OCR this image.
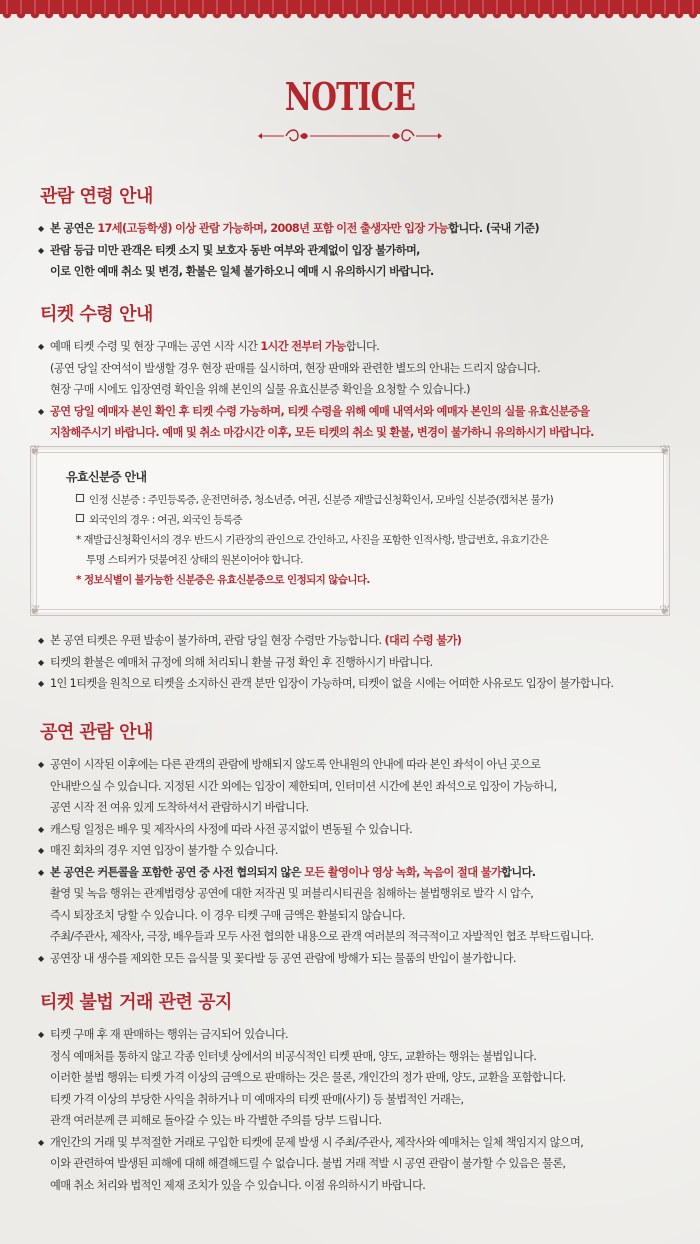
NOTICE
관람 연령 안내
◆ 본 공연은 17세(고등학생) 이상 관람 가능하며, 2008년 포함 이전 출생자만 입장 가능합니다. (국내 기준)
◆ 관람 등급 미만 관객은 티켓 소지 및 보호자 동반 여부와 관계없이 입장 불가하며,
이로 인한 예매 취소 및 변경, 환불은 일체 불가하오니 예매 시 유의하시기 바랍니다.
티켓 수령 안내
◆ 예매 티켓 수령 및 현장 구매는 공연 시작 시간 1시간 전부터 가능합니다.
(공연 당일 잔여석이 발생할 경우 현장 판매를 실시하며, 현장 판매와 관련한 별도의 안내는 드리지 않습니다.
현장 구매 시에도 입장연령 확인을 위해 본인의 실물 유효신분증 확인을 요청할 수 있습니다.)
◆ 공연 당일 예매자 본인 확인 후 티켓 수령 가능하며, 티켓 수령을 위해 예매 내역서와 예매자 본인의 실물 유효신분증을
지참해주시기 바랍니다. 예매 및 취소 마감시간 이후, 모든 티켓의 취소 및 환불, 변경이 불가하니 유의하시기 바랍니다.
❦	❦
❦	❦
유효신분증 안내
인정 신분증 : 주민등록증, 운전면허증, 청소년증, 여권, 신분증 재발급신청확인서, 모바일 신분증(캡처본 불가)
외국인의 경우 : 여권, 외국인 등록증
* 재발급신청확인서의 경우 반드시 기관장의 관인으로 간인하고, 사진을 포함한 인적사항, 발급번호, 유효기간은
투명 스티커가 덧붙여진 상태의 원본이어야 합니다.
* 정보식별이 불가능한 신분증은 유효신분증으로 인정되지 않습니다.
◆ 본 공연 티켓은 우편 발송이 불가하며, 관람 당일 현장 수령만 가능합니다. (대리 수령 불가)
◆ 티켓의 환불은 예매처 규정에 의해 처리되니 환불 규정 확인 후 진행하시기 바랍니다.
◆ 1인 1티켓을 원칙으로 티켓을 소지하신 관객 분만 입장이 가능하며, 티켓이 없을 시에는 어떠한 사유로도 입장이 불가합니다.
공연 관람 안내
◆ 공연이 시작된 이후에는 다른 관객의 관람에 방해되지 않도록 안내원의 안내에 따라 본인 좌석이 아닌 곳으로
안내받으실 수 있습니다. 지정된 시간 외에는 입장이 제한되며, 인터미션 시간에 본인 좌석으로 입장이 가능하니,
공연 시작 전 여유 있게 도착하셔서 관람하시기 바랍니다.
◆ 캐스팅 일정은 배우 및 제작사의 사정에 따라 사전 공지없이 변동될 수 있습니다.
◆ 매진 회차의 경우 지연 입장이 불가할 수 있습니다.
◆ 본 공연은 커튼콜을 포함한 공연 중 사전 협의되지 않은 모든 촬영이나 영상 녹화, 녹음이 절대 불가합니다.
촬영 및 녹음 행위는 관계법령상 공연에 대한 저작권 및 퍼블리시티권을 침해하는 불법행위로 발각 시 압수,
즉시 퇴장조치 당할 수 있습니다. 이 경우 티켓 구매 금액은 환불되지 않습니다.
주최/주관사, 제작사, 극장, 배우들과 모두 사전 협의한 내용으로 관객 여러분의 적극적이고 자발적인 협조 부탁드립니다.
◆ 공연장 내 생수를 제외한 모든 음식물 및 꽃다발 등 공연 관람에 방해가 되는 물품의 반입이 불가합니다.
티켓 불법 거래 관련 공지
◆ 티켓 구매 후 재 판매하는 행위는 금지되어 있습니다.
정식 예매처를 통하지 않고 각종 인터넷 상에서의 비공식적인 티켓 판매, 양도, 교환하는 행위는 불법입니다.
이러한 불법 행위는 티켓 가격 이상의 금액으로 판매하는 것은 물론, 개인간의 정가 판매, 양도, 교환을 포함합니다.
티켓 가격 이상의 부당한 사익을 취하거나 미 예매자의 티켓 판매(사기) 등 불법적인 거래는,
관객 여러분께 큰 피해로 돌아갈 수 있는 바 각별한 주의를 당부 드립니다.
◆ 개인간의 거래 및 부적절한 거래로 구입한 티켓에 문제 발생 시 주최/주관사, 제작사와 예매처는 일체 책임지지 않으며,
이와 관련하여 발생된 피해에 대해 해결해드릴 수 없습니다. 불법 거래 적발 시 공연 관람이 불가할 수 있음은 물론,
예매 취소 처리와 법적인 제재 조치가 있을 수 있습니다. 이점 유의하시기 바랍니다.
